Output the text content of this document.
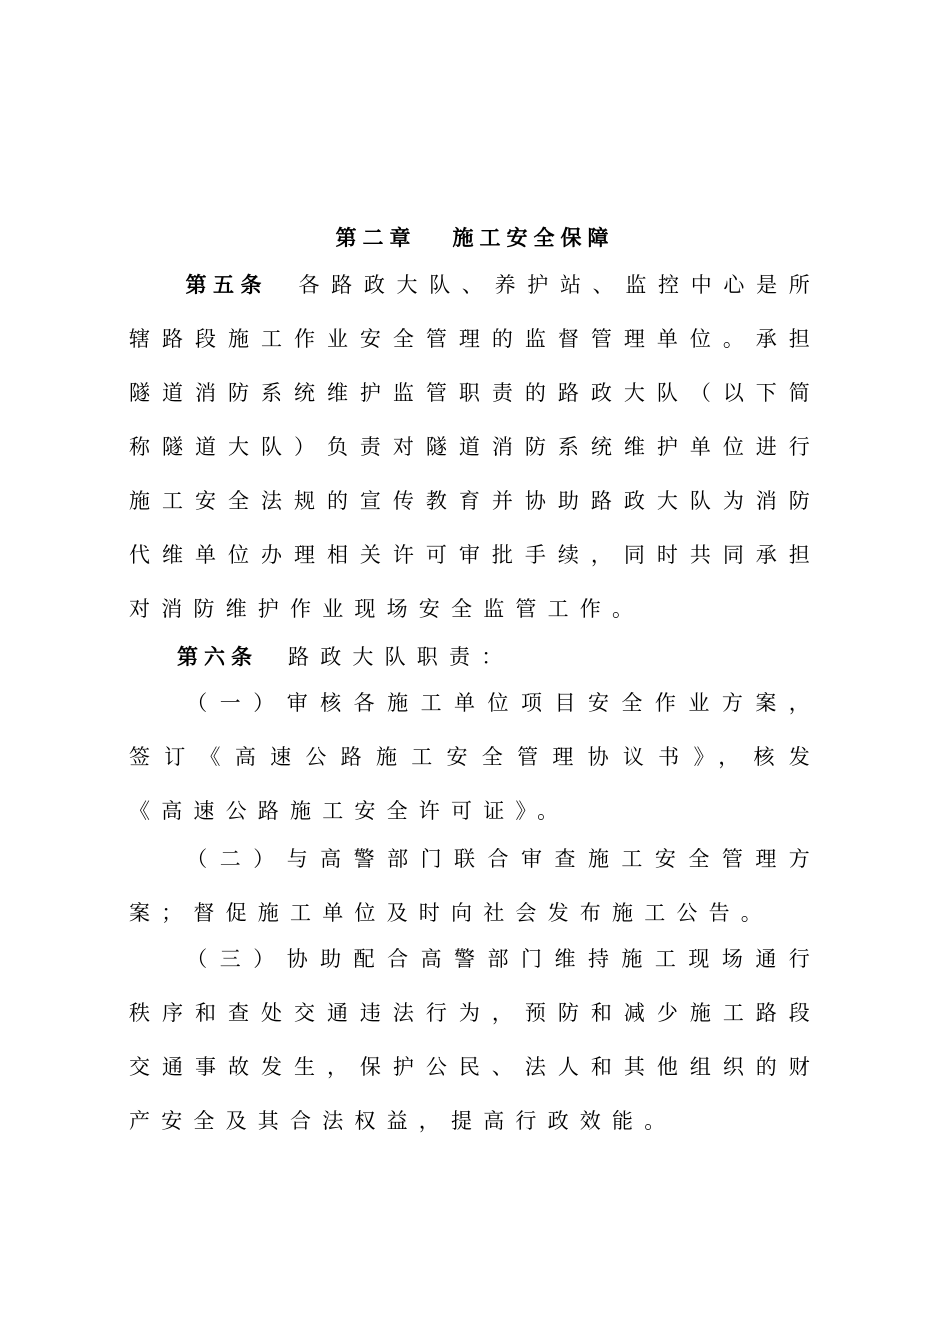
第二章 施工安全保障

第五条 各路政大队、养护站、监控中心是所辖路段施工作业安全管理的监督管理单位。承担隧道消防系统维护监管职责的路政大队（以下简称隧道大队）负责对隧道消防系统维护单位进行施工安全法规的宣传教育并协助路政大队为消防代维单位办理相关许可审批手续，同时共同承担对消防维护作业现场安全监管工作。

第六条 路政大队职责：

（一）审核各施工单位项目安全作业方案，签订《高速公路施工安全管理协议书》，核发《高速公路施工安全许可证》。

（二）与高警部门联合审查施工安全管理方案；督促施工单位及时向社会发布施工公告。

（三）协助配合高警部门维持施工现场通行秩序和查处交通违法行为，预防和减少施工路段交通事故发生，保护公民、法人和其他组织的财产安全及其合法权益，提高行政效能。
